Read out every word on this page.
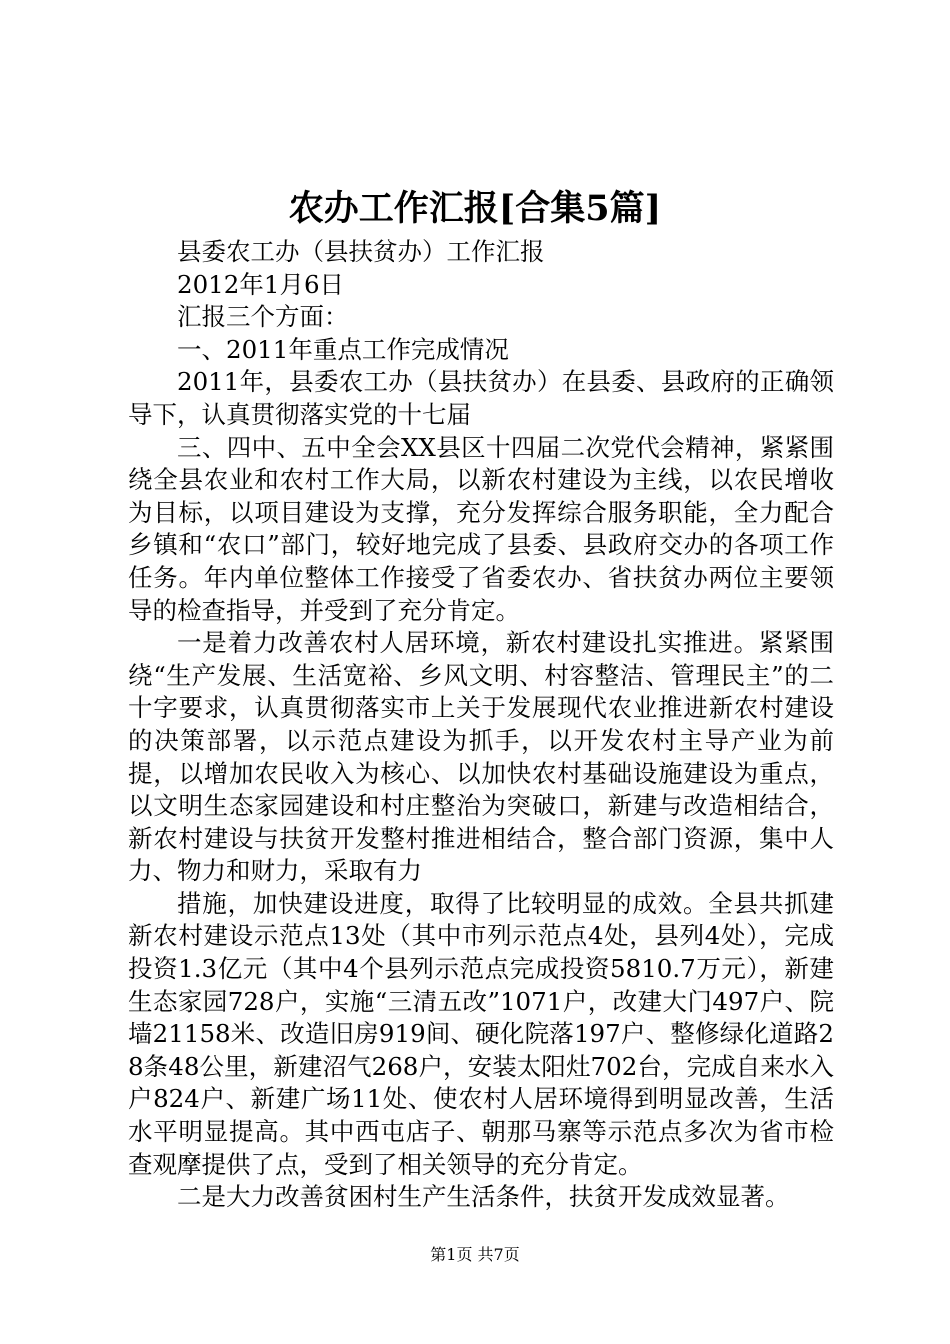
农办工作汇报[合集5篇]

县委农工办（县扶贫办）工作汇报

2012年1月6日

汇报三个方面：

一、2011年重点工作完成情况

2011年，县委农工办（县扶贫办）在县委、县政府的正确领导下，认真贯彻落实党的十七届

三、四中、五中全会XX县区十四届二次党代会精神，紧紧围绕全县农业和农村工作大局，以新农村建设为主线，以农民增收为目标，以项目建设为支撑，充分发挥综合服务职能，全力配合乡镇和“农口”部门，较好地完成了县委、县政府交办的各项工作任务。年内单位整体工作接受了省委农办、省扶贫办两位主要领导的检查指导，并受到了充分肯定。

一是着力改善农村人居环境，新农村建设扎实推进。紧紧围绕“生产发展、生活宽裕、乡风文明、村容整洁、管理民主”的二十字要求，认真贯彻落实市上关于发展现代农业推进新农村建设的决策部署，以示范点建设为抓手，以开发农村主导产业为前提，以增加农民收入为核心、以加快农村基础设施建设为重点，以文明生态家园建设和村庄整治为突破口，新建与改造相结合，新农村建设与扶贫开发整村推进相结合，整合部门资源，集中人力、物力和财力，采取有力

措施，加快建设进度，取得了比较明显的成效。全县共抓建新农村建设示范点13处（其中市列示范点4处，县列4处），完成投资1.3亿元（其中4个县列示范点完成投资5810.7万元），新建生态家园728户，实施“三清五改”1071户，改建大门497户、院墙21158米、改造旧房919间、硬化院落197户、整修绿化道路28条48公里，新建沼气268户，安装太阳灶702台，完成自来水入户824户、新建广场11处、使农村人居环境得到明显改善，生活水平明显提高。其中西屯店子、朝那马寨等示范点多次为省市检查观摩提供了点，受到了相关领导的充分肯定。

二是大力改善贫困村生产生活条件，扶贫开发成效显著。

第1页 共7页
